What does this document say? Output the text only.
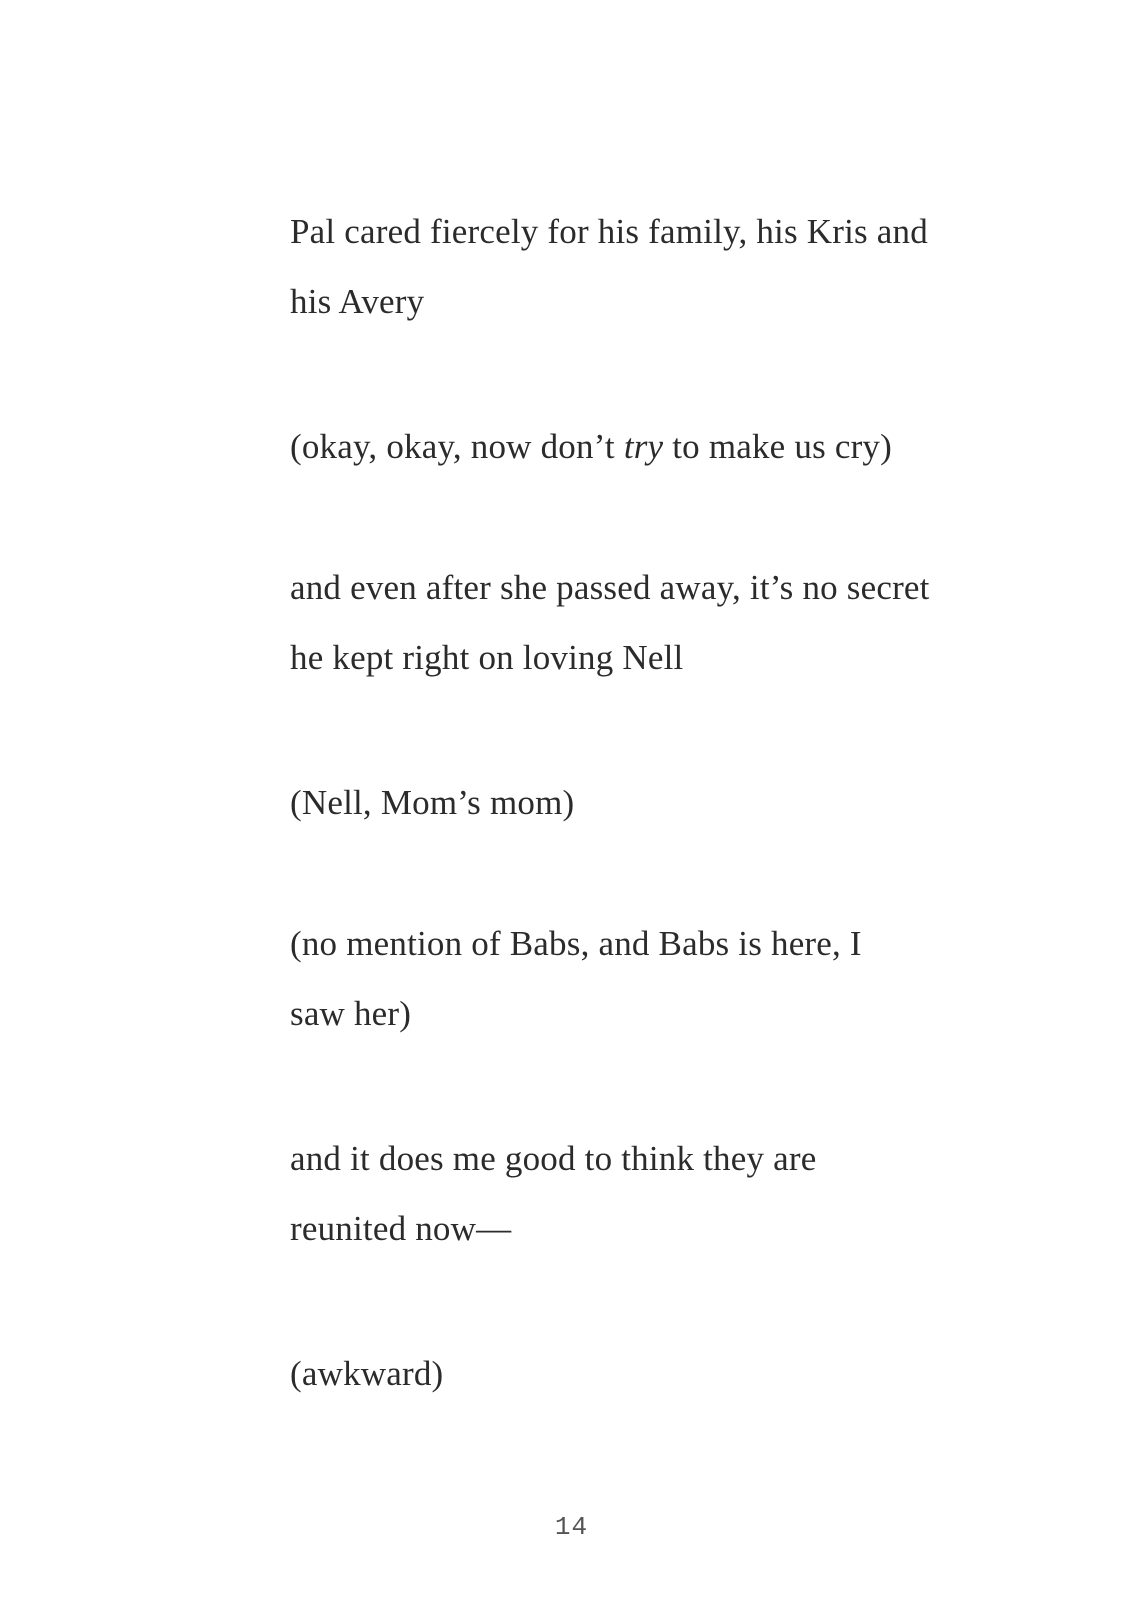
Pal cared fiercely for his family, his Kris and
his Avery

(okay, okay, now don’t try to make us cry)

and even after she passed away, it’s no secret
he kept right on loving Nell

(Nell, Mom’s mom)

(no mention of Babs, and Babs is here, I
saw her)

and it does me good to think they are
reunited now—

(awkward)

14
